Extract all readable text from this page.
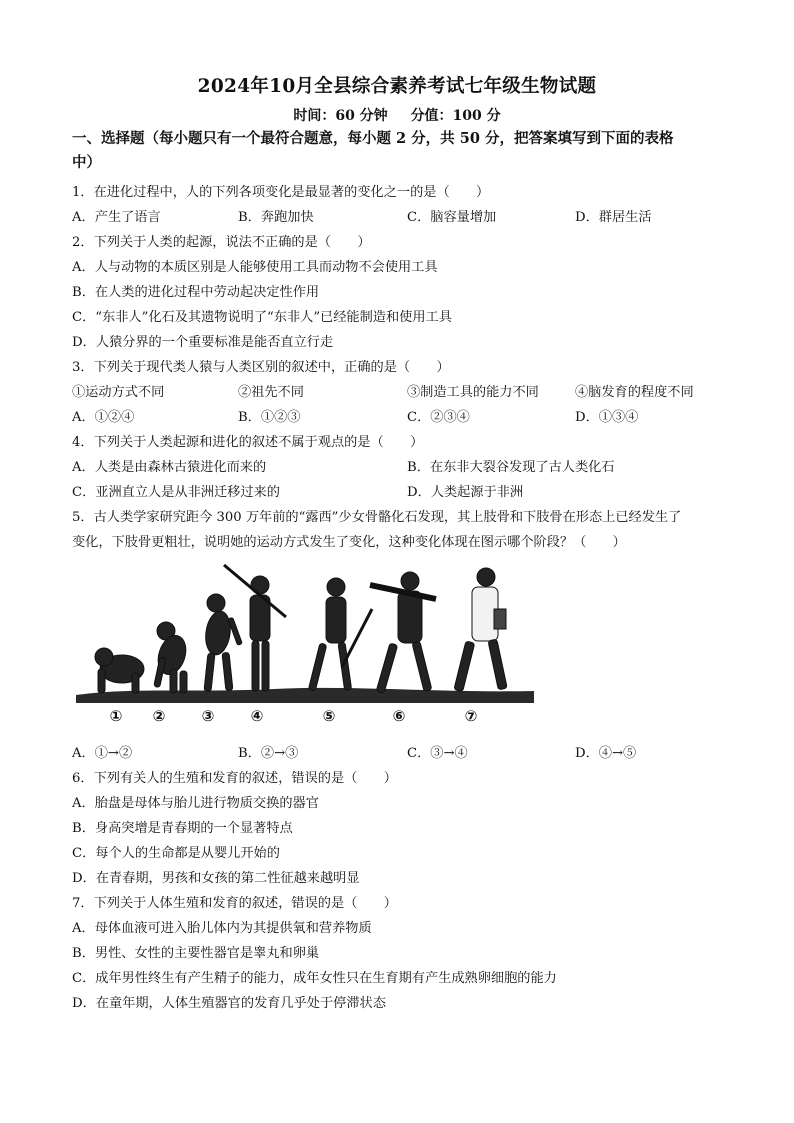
2024年10月全县综合素养考试七年级生物试题
时间：60 分钟 分值：100 分
一、选择题（每小题只有一个最符合题意，每小题 2 分，共 50 分，把答案填写到下面的表格
中）
1．在进化过程中，人的下列各项变化是最显著的变化之一的是（　　）
A．产生了语言	B．奔跑加快	C．脑容量增加	D．群居生活
2．下列关于人类的起源，说法不正确的是（　　）
A．人与动物的本质区别是人能够使用工具而动物不会使用工具
B．在人类的进化过程中劳动起决定性作用
C．“东非人”化石及其遗物说明了“东非人”已经能制造和使用工具
D．人猿分界的一个重要标准是能否直立行走
3．下列关于现代类人猿与人类区别的叙述中，正确的是（　　）
①运动方式不同	②祖先不同	③制造工具的能力不同	④脑发育的程度不同
A．①②④	B．①②③	C．②③④	D．①③④
4．下列关于人类起源和进化的叙述不属于观点的是（　　）
A．人类是由森林古猿进化而来的	B．在东非大裂谷发现了古人类化石
C．亚洲直立人是从非洲迁移过来的	D．人类起源于非洲
5．古人类学家研究距今 300 万年前的“露西”少女骨骼化石发现，其上肢骨和下肢骨在形态上已经发生了
变化，下肢骨更粗壮，说明她的运动方式发生了变化，这种变化体现在图示哪个阶段？（　　）
① ② ③ ④	⑤	⑥	⑦
A．①→②	B．②→③	C．③→④	D．④→⑤
6．下列有关人的生殖和发育的叙述，错误的是（　　）
A．胎盘是母体与胎儿进行物质交换的器官
B．身高突增是青春期的一个显著特点
C．每个人的生命都是从婴儿开始的
D．在青春期，男孩和女孩的第二性征越来越明显
7．下列关于人体生殖和发育的叙述，错误的是（　　）
A．母体血液可进入胎儿体内为其提供氧和营养物质
B．男性、女性的主要性器官是睾丸和卵巢
C．成年男性终生有产生精子的能力，成年女性只在生育期有产生成熟卵细胞的能力
D．在童年期，人体生殖器官的发育几乎处于停滞状态
